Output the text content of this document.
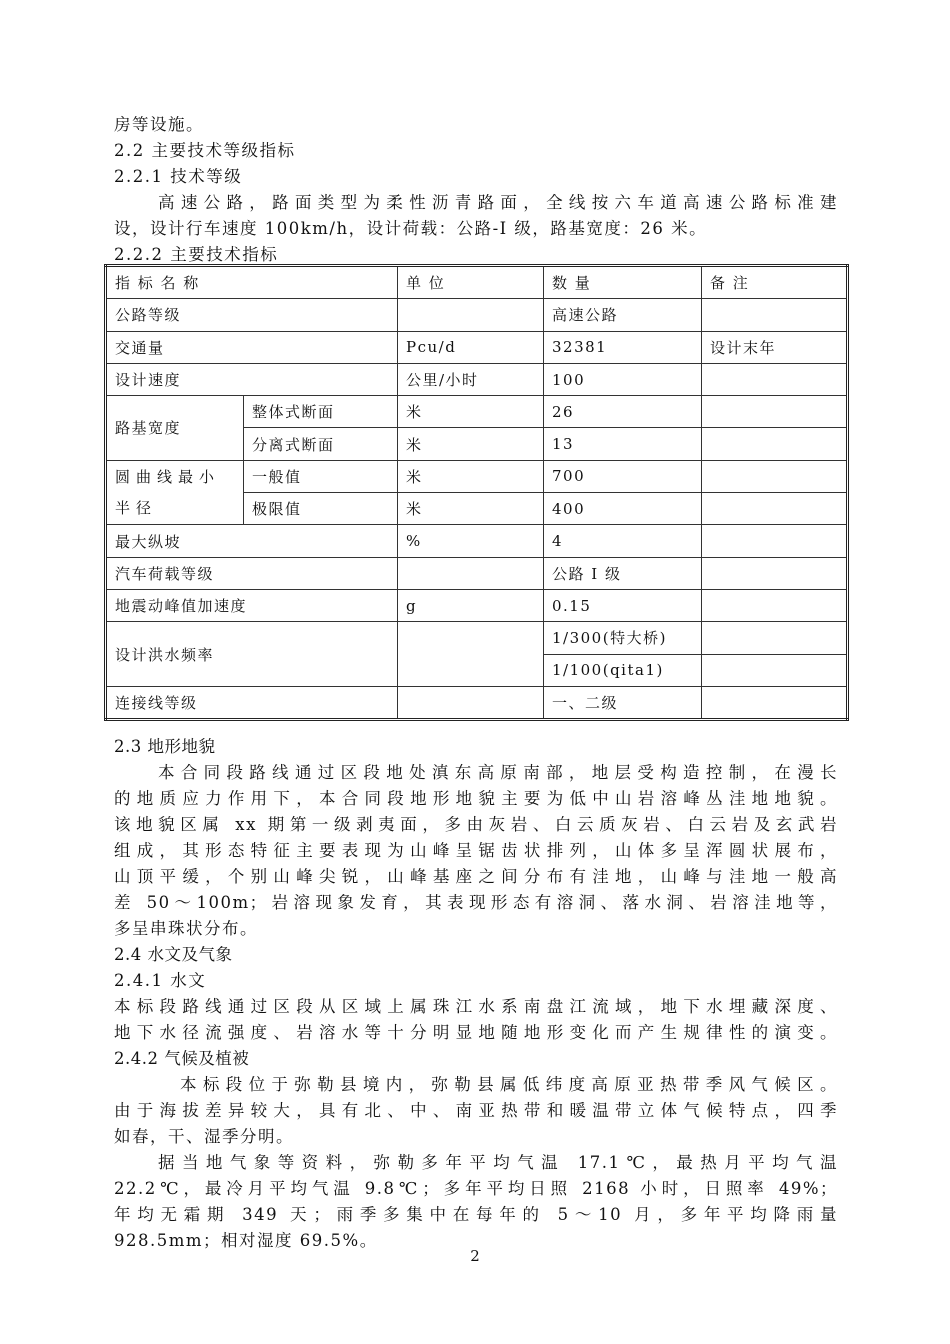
房等设施。
2.2 主要技术等级指标
2.2.1 技术等级
高速公路，路面类型为柔性沥青路面，全线按六车道高速公路标准建
设，设计行车速度 100km/h，设计荷载：公路-I 级，路基宽度：26 米。
2.2.2 主要技术指标
指 标 名 称		单 位	数 量	备 注
公路等级			高速公路	
交通量		Pcu/d	32381	设计末年
设计速度		公里/小时	100	
路基宽度	整体式断面	米	26	
	分离式断面	米	13	
圆曲线最小半径	一般值	米	700	
	极限值	米	400	
最大纵坡		%	4	
汽车荷载等级			公路 I 级	
地震动峰值加速度		g	0.15	
设计洪水频率			1/300(特大桥)	
			1/100(qita1)	
连接线等级			一、二级	
2.3 地形地貌
本合同段路线通过区段地处滇东高原南部，地层受构造控制，在漫长
的地质应力作用下，本合同段地形地貌主要为低中山岩溶峰丛洼地地貌。
该地貌区属 xx 期第一级剥夷面，多由灰岩、白云质灰岩、白云岩及玄武岩
组成，其形态特征主要表现为山峰呈锯齿状排列，山体多呈浑圆状展布，
山顶平缓，个别山峰尖锐，山峰基座之间分布有洼地，山峰与洼地一般高
差 50～100m；岩溶现象发育，其表现形态有溶洞、落水洞、岩溶洼地等，
多呈串珠状分布。
2.4 水文及气象
2.4.1 水文
本标段路线通过区段从区域上属珠江水系南盘江流域，地下水埋藏深度、
地下水径流强度、岩溶水等十分明显地随地形变化而产生规律性的演变。
2.4.2 气候及植被
本标段位于弥勒县境内，弥勒县属低纬度高原亚热带季风气候区。
由于海拔差异较大，具有北、中、南亚热带和暖温带立体气候特点，四季
如春，干、湿季分明。
据当地气象等资料，弥勒多年平均气温 17.1℃，最热月平均气温
22.2℃，最冷月平均气温 9.8℃；多年平均日照 2168 小时，日照率 49%；
年均无霜期 349 天；雨季多集中在每年的 5～10 月，多年平均降雨量
928.5mm；相对湿度 69.5%。
2
